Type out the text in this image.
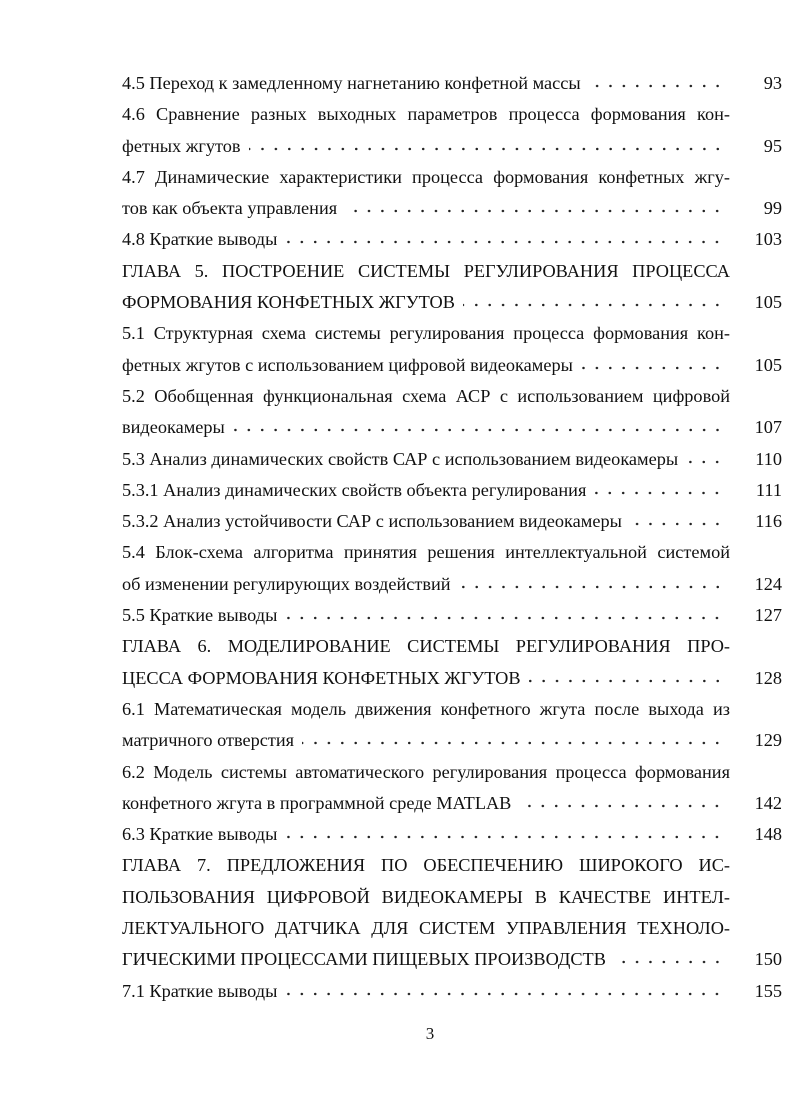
4.5 Переход к замедленному нагнетанию конфетной массы	93
4.6 Сравнение разных выходных параметров процесса формования кон-
фетных жгутов	95
4.7 Динамические характеристики процесса формования конфетных жгу-
тов как объекта управления	99
4.8 Краткие выводы	103
ГЛАВА 5. ПОСТРОЕНИЕ СИСТЕМЫ РЕГУЛИРОВАНИЯ ПРОЦЕССА
ФОРМОВАНИЯ КОНФЕТНЫХ ЖГУТОВ	105
5.1 Структурная схема системы регулирования процесса формования кон-
фетных жгутов с использованием цифровой видеокамеры	105
5.2 Обобщенная функциональная схема АСР с использованием цифровой
видеокамеры	107
5.3 Анализ динамических свойств САР с использованием видеокамеры	110
5.3.1 Анализ динамических свойств объекта регулирования	111
5.3.2 Анализ устойчивости САР с использованием видеокамеры	116
5.4 Блок-схема алгоритма принятия решения интеллектуальной системой
об изменении регулирующих воздействий	124
5.5 Краткие выводы	127
ГЛАВА 6. МОДЕЛИРОВАНИЕ СИСТЕМЫ РЕГУЛИРОВАНИЯ ПРО-
ЦЕССА ФОРМОВАНИЯ КОНФЕТНЫХ ЖГУТОВ	128
6.1 Математическая модель движения конфетного жгута после выхода из
матричного отверстия	129
6.2 Модель системы автоматического регулирования процесса формования
конфетного жгута в программной среде MATLAB	142
6.3 Краткие выводы	148
ГЛАВА 7. ПРЕДЛОЖЕНИЯ ПО ОБЕСПЕЧЕНИЮ ШИРОКОГО ИС-
ПОЛЬЗОВАНИЯ ЦИФРОВОЙ ВИДЕОКАМЕРЫ В КАЧЕСТВЕ ИНТЕЛ-
ЛЕКТУАЛЬНОГО ДАТЧИКА ДЛЯ СИСТЕМ УПРАВЛЕНИЯ ТЕХНОЛО-
ГИЧЕСКИМИ ПРОЦЕССАМИ ПИЩЕВЫХ ПРОИЗВОДСТВ	150
7.1 Краткие выводы	155
3
